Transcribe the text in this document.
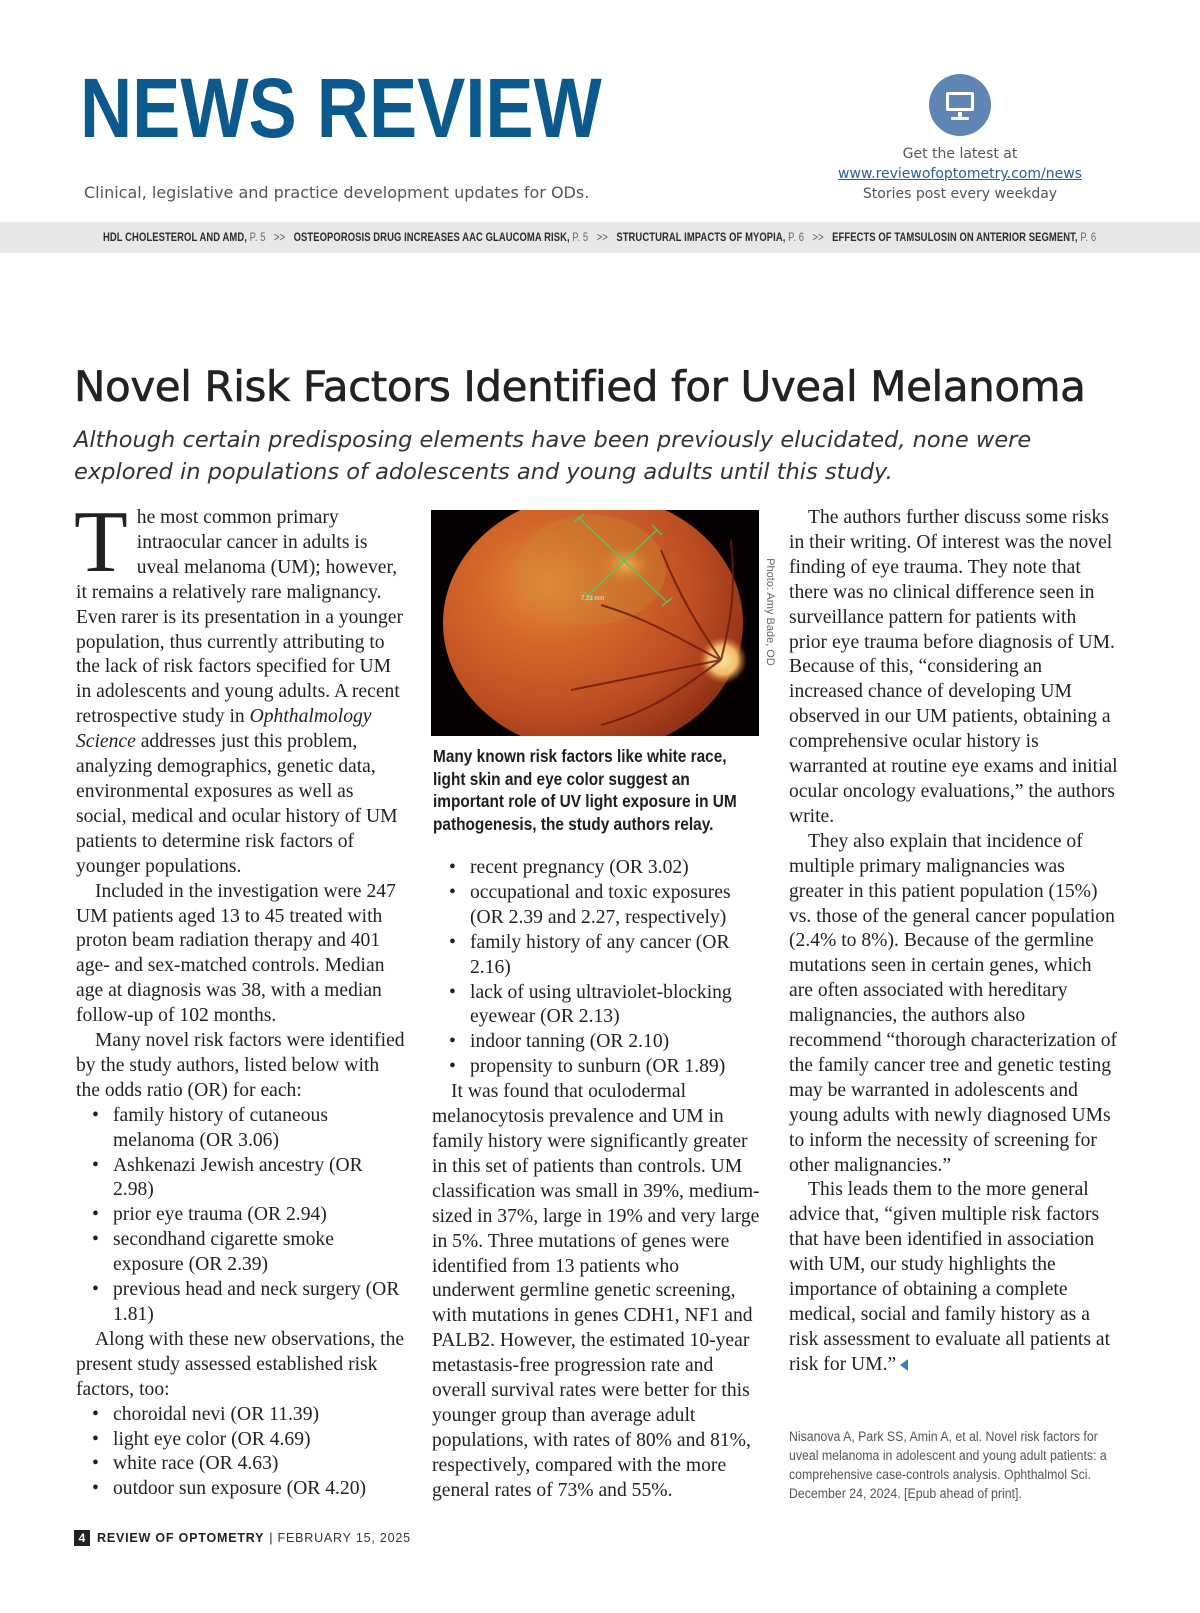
NEWS REVIEW
Clinical, legislative and practice development updates for ODs.
Get the latest at
www.reviewofoptometry.com/news
Stories post every weekday
HDL CHOLESTEROL AND AMD, P. 5 >> OSTEOPOROSIS DRUG INCREASES AAC GLAUCOMA RISK, P. 5 >> STRUCTURAL IMPACTS OF MYOPIA, P. 6 >> EFFECTS OF TAMSULOSIN ON ANTERIOR SEGMENT, P. 6
Novel Risk Factors Identified for Uveal Melanoma

Although certain predisposing elements have been previously elucidated, none were explored in populations of adolescents and young adults until this study.

The most common primary intraocular cancer in adults is uveal melanoma (UM); however, it remains a relatively rare malignancy. Even rarer is its presentation in a younger population, thus currently attributing to the lack of risk factors specified for UM in adolescents and young adults. A recent retrospective study in Ophthalmology Science addresses just this problem, analyzing demographics, genetic data, environmental exposures as well as social, medical and ocular history of UM patients to determine risk factors of younger populations.

Included in the investigation were 247 UM patients aged 13 to 45 treated with proton beam radiation therapy and 401 age- and sex-matched controls. Median age at diagnosis was 38, with a median follow-up of 102 months.

Many novel risk factors were identified by the study authors, listed below with the odds ratio (OR) for each:

• family history of cutaneous melanoma (OR 3.06)
• Ashkenazi Jewish ancestry (OR 2.98)
• prior eye trauma (OR 2.94)
• secondhand cigarette smoke exposure (OR 2.39)
• previous head and neck surgery (OR 1.81)

Along with these new observations, the present study assessed established risk factors, too:

• choroidal nevi (OR 11.39)
• light eye color (OR 4.69)
• white race (OR 4.63)
• outdoor sun exposure (OR 4.20)
7.23 mm	Photo: Amy Bade, OD

Many known risk factors like white race, light skin and eye color suggest an important role of UV light exposure in UM pathogenesis, the study authors relay.

• recent pregnancy (OR 3.02)
• occupational and toxic exposures (OR 2.39 and 2.27, respectively)
• family history of any cancer (OR 2.16)
• lack of using ultraviolet-blocking eyewear (OR 2.13)
• indoor tanning (OR 2.10)
• propensity to sunburn (OR 1.89)

It was found that oculodermal melanocytosis prevalence and UM in family history were significantly greater in this set of patients than controls. UM classification was small in 39%, medium-sized in 37%, large in 19% and very large in 5%. Three mutations of genes were identified from 13 patients who underwent germline genetic screening, with mutations in genes CDH1, NF1 and PALB2. However, the estimated 10-year metastasis-free progression rate and overall survival rates were better for this younger group than average adult populations, with rates of 80% and 81%, respectively, compared with the more general rates of 73% and 55%.

The authors further discuss some risks in their writing. Of interest was the novel finding of eye trauma. They note that there was no clinical difference seen in surveillance pattern for patients with prior eye trauma before diagnosis of UM. Because of this, “considering an increased chance of developing UM observed in our UM patients, obtaining a comprehensive ocular history is warranted at routine eye exams and initial ocular oncology evaluations,” the authors write.

They also explain that incidence of multiple primary malignancies was greater in this patient population (15%) vs. those of the general cancer population (2.4% to 8%). Because of the germline mutations seen in certain genes, which are often associated with hereditary malignancies, the authors also recommend “thorough characterization of the family cancer tree and genetic testing may be warranted in adolescents and young adults with newly diagnosed UMs to inform the necessity of screening for other malignancies.”

This leads them to the more general advice that, “given multiple risk factors that have been identified in association with UM, our study highlights the importance of obtaining a complete medical, social and family history as a risk assessment to evaluate all patients at risk for UM.”

Nisanova A, Park SS, Amin A, et al. Novel risk factors for uveal melanoma in adolescent and young adult patients: a comprehensive case-controls analysis. Ophthalmol Sci. December 24, 2024. [Epub ahead of print].

4 REVIEW OF OPTOMETRY | FEBRUARY 15, 2025
